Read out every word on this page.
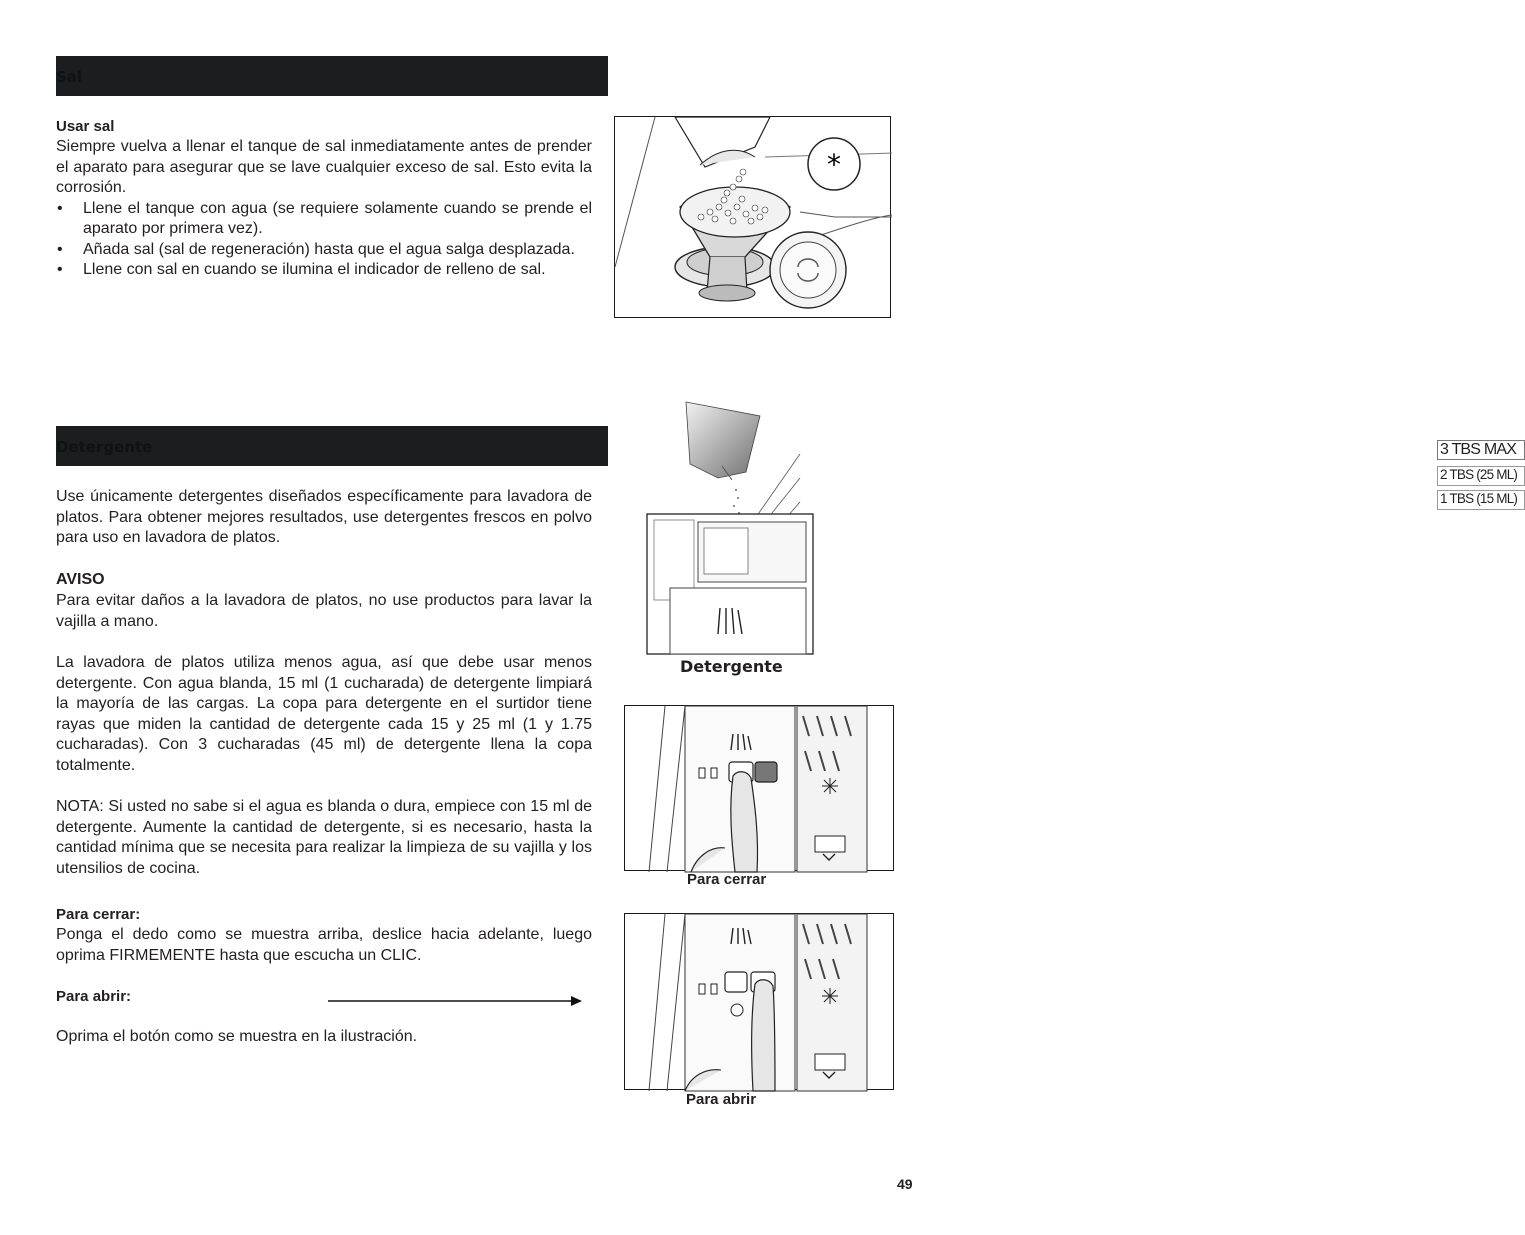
Sal
Usar sal
Siempre vuelva a llenar el tanque de sal inmediatamente antes de prender el aparato para asegurar que se lave cualquier exceso de sal. Esto evita la corrosión.
• Llene el tanque con agua (se requiere solamente cuando se prende el aparato por primera vez).
• Añada sal (sal de regeneración) hasta que el agua salga desplazada.
• Llene con sal en cuando se ilumina el indicador de relleno de sal.
*
Detergente
Use únicamente detergentes diseñados específicamente para lavadora de platos. Para obtener mejores resultados, use detergentes frescos en polvo para uso en lavadora de platos.
AVISO
Para evitar daños a la lavadora de platos, no use productos para lavar la vajilla a mano.
La lavadora de platos utiliza menos agua, así que debe usar menos detergente. Con agua blanda, 15 ml (1 cucharada) de detergente limpiará la mayoría de las cargas. La copa para detergente en el surtidor tiene rayas que miden la cantidad de detergente cada 15 y 25 ml (1 y 1.75 cucharadas). Con 3 cucharadas (45 ml) de detergente llena la copa totalmente.
NOTA: Si usted no sabe si el agua es blanda o dura, empiece con 15 ml de detergente. Aumente la cantidad de detergente, si es necesario, hasta la cantidad mínima que se necesita para realizar la limpieza de su vajilla y los utensilios de cocina.
Para cerrar:
Ponga el dedo como se muestra arriba, deslice hacia adelante, luego oprima FIRMEMENTE hasta que escucha un CLIC.
Para abrir:
Oprima el botón como se muestra en la ilustración.
3 TBS MAX
2 TBS (25 ML)
1 TBS (15 ML)
Detergente
Para cerrar
Para abrir
49
